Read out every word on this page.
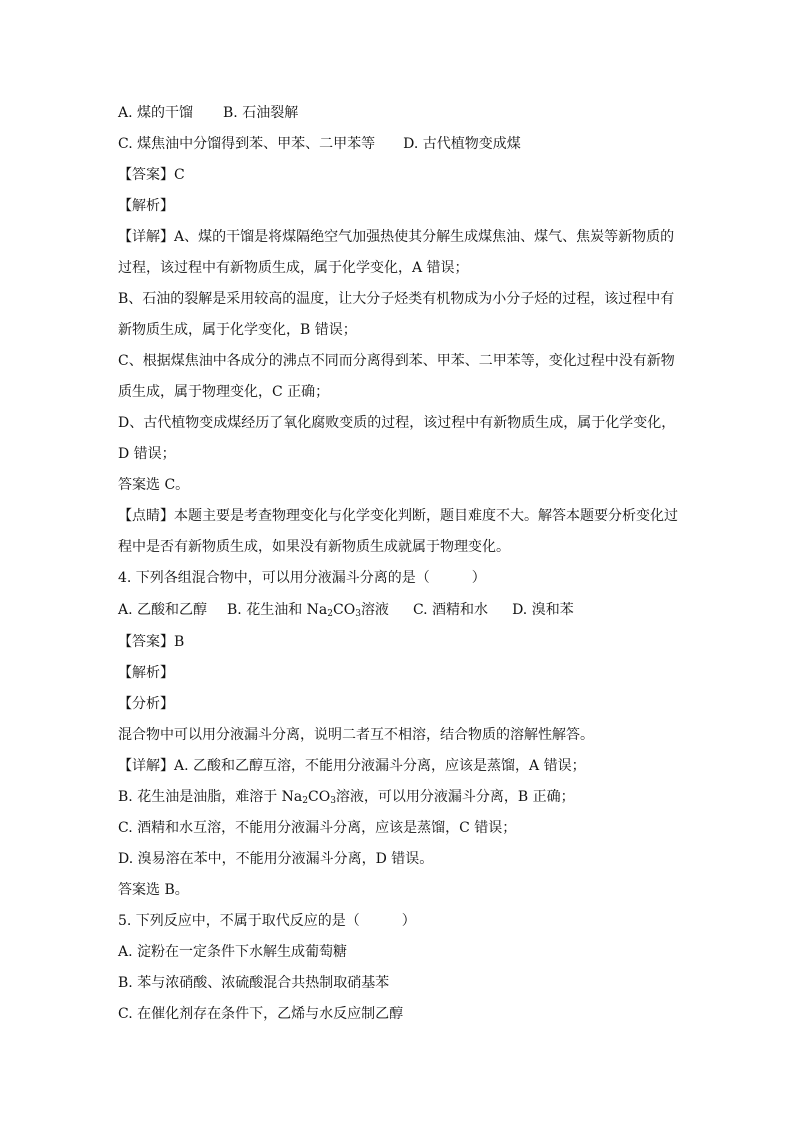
A. 煤的干馏 B. 石油裂解
C. 煤焦油中分馏得到苯、甲苯、二甲苯等 D. 古代植物变成煤
【答案】C
【解析】
【详解】A、煤的干馏是将煤隔绝空气加强热使其分解生成煤焦油、煤气、焦炭等新物质的
过程，该过程中有新物质生成，属于化学变化，A 错误；
B、石油的裂解是采用较高的温度，让大分子烃类有机物成为小分子烃的过程，该过程中有
新物质生成，属于化学变化，B 错误；
C、根据煤焦油中各成分的沸点不同而分离得到苯、甲苯、二甲苯等，变化过程中没有新物
质生成，属于物理变化，C 正确；
D、古代植物变成煤经历了氧化腐败变质的过程，该过程中有新物质生成，属于化学变化，
D 错误；
答案选 C。
【点睛】本题主要是考查物理变化与化学变化判断，题目难度不大。解答本题要分析变化过
程中是否有新物质生成，如果没有新物质生成就属于物理变化。
4. 下列各组混合物中，可以用分液漏斗分离的是（　　　）
A. 乙酸和乙醇 B. 花生油和 $Na_2CO_3$溶液 C. 酒精和水 D. 溴和苯
【答案】B
【解析】
【分析】
混合物中可以用分液漏斗分离，说明二者互不相溶，结合物质的溶解性解答。
【详解】A. 乙酸和乙醇互溶，不能用分液漏斗分离，应该是蒸馏，A 错误；
B. 花生油是油脂，难溶于 $Na_2CO_3$溶液，可以用分液漏斗分离，B 正确；
C. 酒精和水互溶，不能用分液漏斗分离，应该是蒸馏，C 错误；
D. 溴易溶在苯中，不能用分液漏斗分离，D 错误。
答案选 B。
5. 下列反应中，不属于取代反应的是（　　　）
A. 淀粉在一定条件下水解生成葡萄糖
B. 苯与浓硝酸、浓硫酸混合共热制取硝基苯
C. 在催化剂存在条件下，乙烯与水反应制乙醇
